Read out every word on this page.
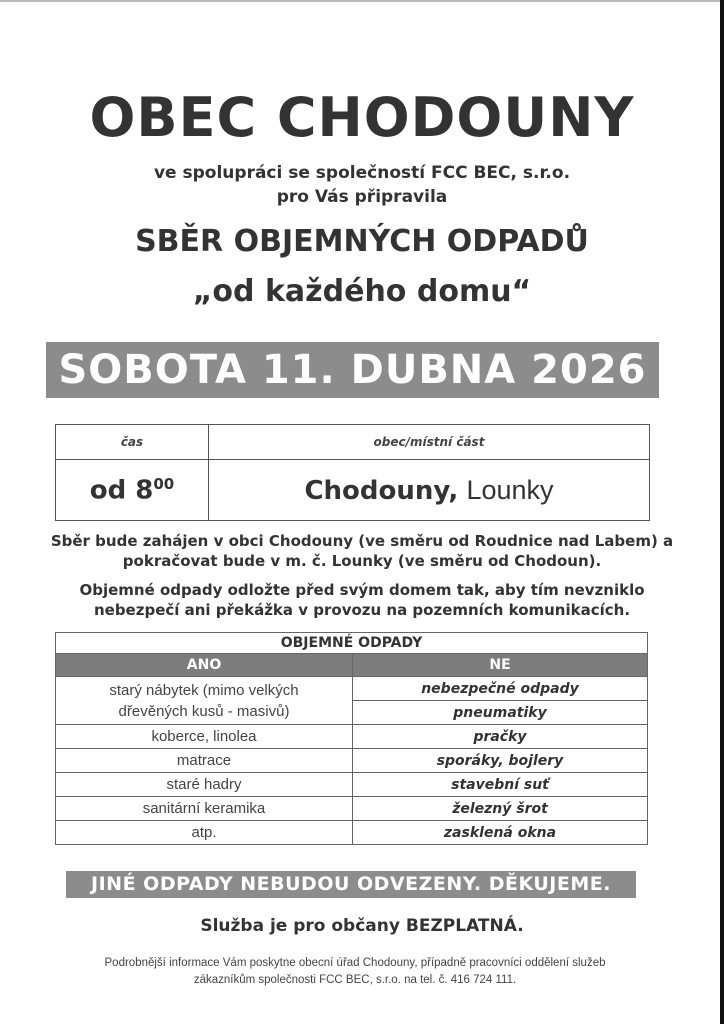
OBEC CHODOUNY
ve spolupráci se společností FCC BEC, s.r.o.
pro Vás připravila
SBĚR OBJEMNÝCH ODPADŮ
„od každého domu“
SOBOTA 11. DUBNA 2026
čas	obec/místní část
od $8^{00}$	Chodouny, Lounky
Sběr bude zahájen v obci Chodouny (ve směru od Roudnice nad Labem) a
pokračovat bude v m. č. Lounky (ve směru od Chodoun).
Objemné odpady odložte před svým domem tak, aby tím nevzniklo
nebezpečí ani překážka v provozu na pozemních komunikacích.
OBJEMNÉ ODPADY	
ANO	NE

starý nábytek (mimo velkých
dřevěných kusů - masivů)	nebezpečné odpady
	pneumatiky
koberce, linolea	pračky
matrace	sporáky, bojlery
staré hadry	stavební suť
sanitární keramika	železný šrot
atp.	zasklená okna
JINÉ ODPADY NEBUDOU ODVEZENY. DĚKUJEME.
Služba je pro občany BEZPLATNÁ.
Podrobnější informace Vám poskytne obecní úřad Chodouny, případně pracovníci oddělení služeb
zákazníkům společnosti FCC BEC, s.r.o. na tel. č. 416 724 111.
